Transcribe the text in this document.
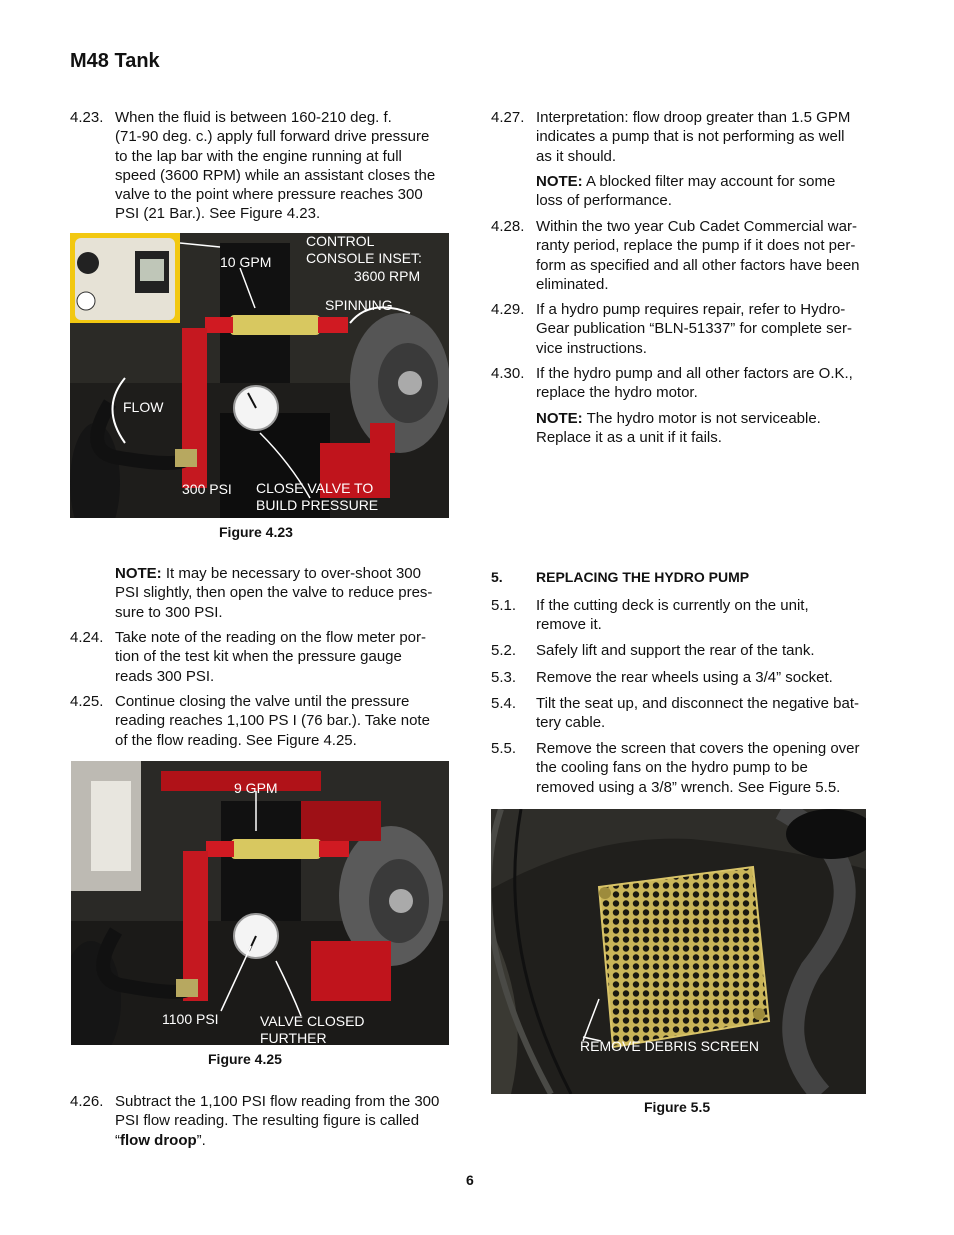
M48 Tank
4.23. When the fluid is between 160-210 deg. f.
(71-90 deg. c.) apply full forward drive pressure
to the lap bar with the engine running at full
speed (3600 RPM) while an assistant closes the
valve to the point where pressure reaches 300
PSI (21 Bar.). See Figure 4.23.
CONTROL
CONSOLE INSET:
3600 RPM
10 GPM
SPINNING
FLOW
300 PSI CLOSE VALVE TO
BUILD PRESSURE
Figure 4.23
NOTE: It may be necessary to over-shoot 300
PSI slightly, then open the valve to reduce pres-
sure to 300 PSI.
4.24. Take note of the reading on the flow meter por-
tion of the test kit when the pressure gauge
reads 300 PSI.
4.25. Continue closing the valve until the pressure
reading reaches 1,100 PS I (76 bar.). Take note
of the flow reading. See Figure 4.25.
9 GPM
1100 PSI	VALVE CLOSED
FURTHER
Figure 4.25
4.26. Subtract the 1,100 PSI flow reading from the 300
PSI flow reading. The resulting figure is called
“flow droop”.
4.27. Interpretation: flow droop greater than 1.5 GPM
indicates a pump that is not performing as well
as it should.
NOTE: A blocked filter may account for some
loss of performance.
4.28. Within the two year Cub Cadet Commercial war-
ranty period, replace the pump if it does not per-
form as specified and all other factors have been
eliminated.
4.29. If a hydro pump requires repair, refer to Hydro-
Gear publication “BLN-51337” for complete ser-
vice instructions.
4.30. If the hydro pump and all other factors are O.K.,
replace the hydro motor.
NOTE: The hydro motor is not serviceable.
Replace it as a unit if it fails.
5. REPLACING THE HYDRO PUMP
5.1. If the cutting deck is currently on the unit,
remove it.
5.2. Safely lift and support the rear of the tank.
5.3. Remove the rear wheels using a 3/4” socket.
5.4. Tilt the seat up, and disconnect the negative bat-
tery cable.
5.5. Remove the screen that covers the opening over
the cooling fans on the hydro pump to be
removed using a 3/8” wrench. See Figure 5.5.
REMOVE DEBRIS SCREEN
Figure 5.5
6
